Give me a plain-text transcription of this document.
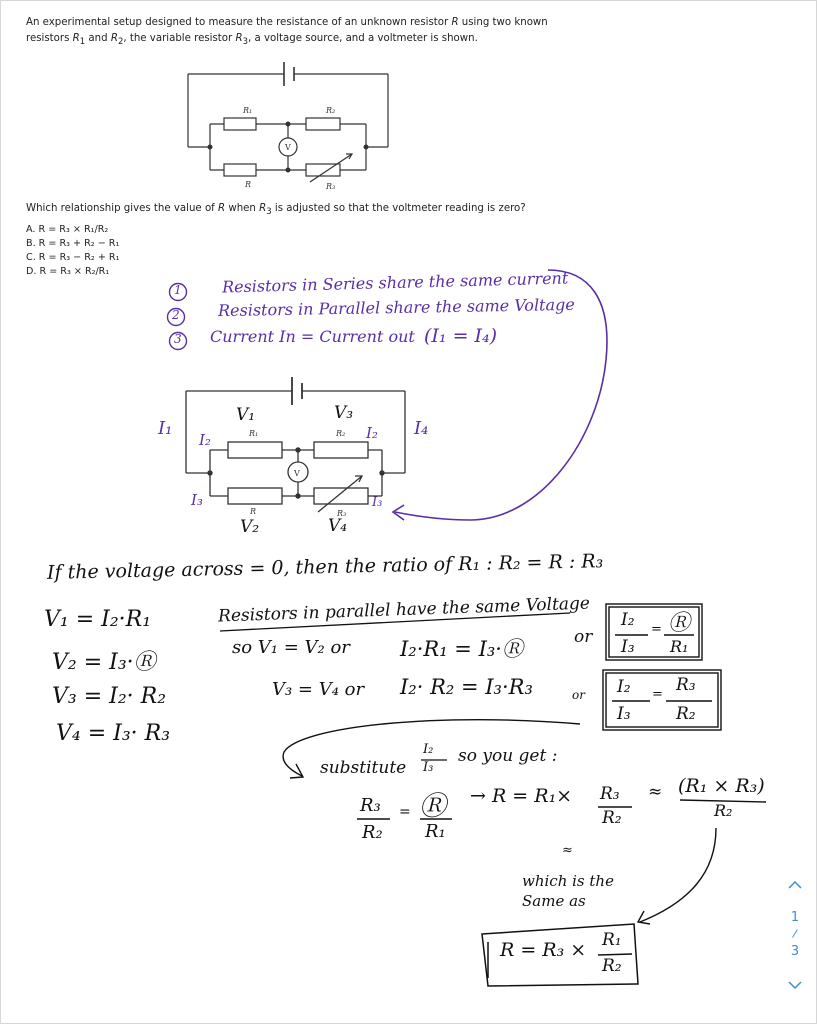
An experimental setup designed to measure the resistance of an unknown resistor R using two known
resistors $R_1$ and $R_2$, the variable resistor $R_3$, a voltage source, and a voltmeter is shown.
R₁	R₂
R	R₃
V
Which relationship gives the value of R when $R_3$ is adjusted so that the voltmeter reading is zero?
A. R = R₃ × R₁/R₂
B. R = R₃ + R₂ − R₁
C. R = R₃ − R₂ + R₁
D. R = R₃ × R₂/R₁
1
2
3
Resistors in Series share the same current
Resistors in Parallel share the same Voltage
Current In = Current out (I₁ = I₄)
R₁	R₂
R	R₃
V
I₁
I₂
I₃
I₄
I₂
I₃
V₁	V₃
V₂	V₄
If the voltage across = 0, then the ratio of R₁ : R₂ = R : R₃
V₁ = I₂·R₁
V₂ = I₃·Ⓡ
V₃ = I₂· R₂
V₄ = I₃· R₃
Resistors in parallel have the same Voltage
so V₁ = V₂ or I₂·R₁ = I₃·Ⓡ	or
V₃ = V₄ or I₂· R₂ = I₃·R₃	or
I₂
I₃
= Ⓡ
R₁
I₂
I₃
= R₃
R₂
substitute
I₂
I₃
so you get :
R₃
R₂
= Ⓡ
R₁
→ R = R₁× R₃
R₂
≈ (R₁ × R₃)
R₂
≈
which is the
Same as
R = R₃ × R₁
R₂
1
/
3
